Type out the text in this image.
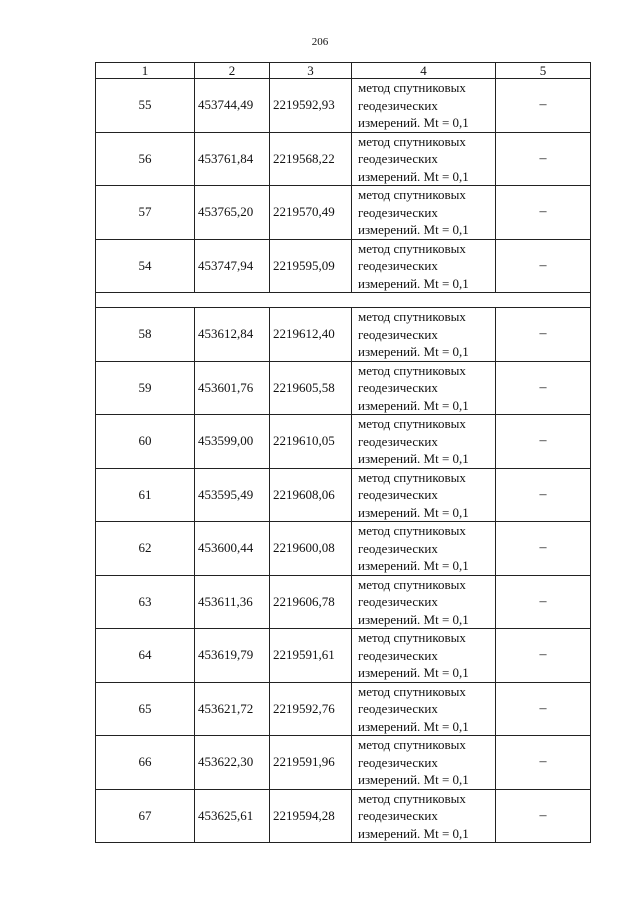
206
1	2	3	4	5
55	453744,49	2219592,93	метод спутниковых
геодезических
измерений. Mt = 0,1	–
56	453761,84	2219568,22	метод спутниковых
геодезических
измерений. Mt = 0,1	–
57	453765,20	2219570,49	метод спутниковых
геодезических
измерений. Mt = 0,1	–
54	453747,94	2219595,09	метод спутниковых
геодезических
измерений. Mt = 0,1	–

58	453612,84	2219612,40	метод спутниковых
геодезических
измерений. Mt = 0,1	–
59	453601,76	2219605,58	метод спутниковых
геодезических
измерений. Mt = 0,1	–
60	453599,00	2219610,05	метод спутниковых
геодезических
измерений. Mt = 0,1	–
61	453595,49	2219608,06	метод спутниковых
геодезических
измерений. Mt = 0,1	–
62	453600,44	2219600,08	метод спутниковых
геодезических
измерений. Mt = 0,1	–
63	453611,36	2219606,78	метод спутниковых
геодезических
измерений. Mt = 0,1	–
64	453619,79	2219591,61	метод спутниковых
геодезических
измерений. Mt = 0,1	–
65	453621,72	2219592,76	метод спутниковых
геодезических
измерений. Mt = 0,1	–
66	453622,30	2219591,96	метод спутниковых
геодезических
измерений. Mt = 0,1	–
67	453625,61	2219594,28	метод спутниковых
геодезических
измерений. Mt = 0,1	–
